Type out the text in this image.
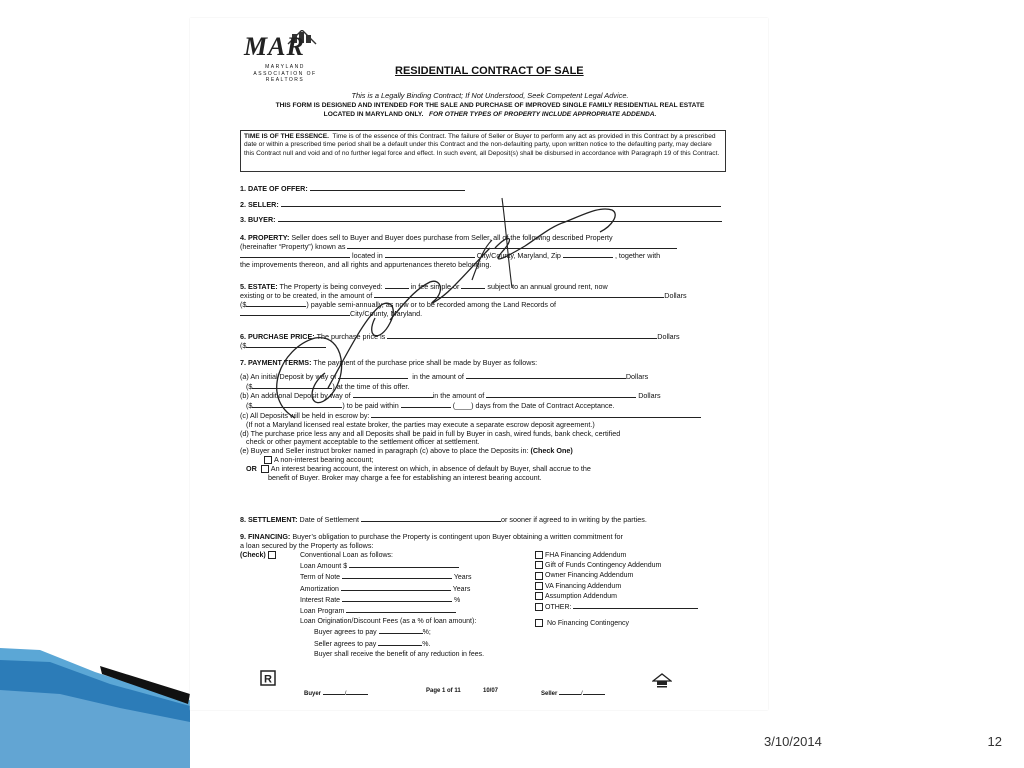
MAR
MARYLAND ASSOCIATION OF REALTORS
RESIDENTIAL CONTRACT OF SALE
This is a Legally Binding Contract; If Not Understood, Seek Competent Legal Advice.
THIS FORM IS DESIGNED AND INTENDED FOR THE SALE AND PURCHASE OF IMPROVED SINGLE FAMILY RESIDENTIAL REAL ESTATE
LOCATED IN MARYLAND ONLY. FOR OTHER TYPES OF PROPERTY INCLUDE APPROPRIATE ADDENDA.
TIME IS OF THE ESSENCE. Time is of the essence of this Contract. The failure of Seller or Buyer to perform any act as provided in this Contract by a prescribed date or within a prescribed time period shall be a default under this Contract and the non-defaulting party, upon written notice to the defaulting party, may declare this Contract null and void and of no further legal force and effect. In such event, all Deposit(s) shall be disbursed in accordance with Paragraph 19 of this Contract.
1. DATE OF OFFER:
2. SELLER:
3. BUYER:
4. PROPERTY: Seller does sell to Buyer and Buyer does purchase from Seller, all of the following described Property
(hereinafter “Property”) known as
located in	City/County, Maryland, Zip	, together with
the improvements thereon, and all rights and appurtenances thereto belonging.
5. ESTATE: The Property is being conveyed:	in fee simple or	subject to an annual ground rent, now
existing or to be created, in the amount of	Dollars
($	) payable semi-annually, as now or to be recorded among the Land Records of
City/County, Maryland.
6. PURCHASE PRICE: The purchase price is	Dollars
($
7. PAYMENT TERMS: The payment of the purchase price shall be made by Buyer as follows:

(a) An initial Deposit by way of	in the amount of	Dollars
($	) at the time of this offer.
(b) An additional Deposit by way of	in the amount of	Dollars
($	) to be paid within	(____) days from the Date of Contract Acceptance.
(c) All Deposits will be held in escrow by:
(If not a Maryland licensed real estate broker, the parties may execute a separate escrow deposit agreement.)
(d) The purchase price less any and all Deposits shall be paid in full by Buyer in cash, wired funds, bank check, certified
check or other payment acceptable to the settlement officer at settlement.
(e) Buyer and Seller instruct broker named in paragraph (c) above to place the Deposits in: (Check One)
A non-interest bearing account;
OR An interest bearing account, the interest on which, in absence of default by Buyer, shall accrue to the
benefit of Buyer. Broker may charge a fee for establishing an interest bearing account.
8. SETTLEMENT: Date of Settlement	or sooner if agreed to in writing by the parties.
9. FINANCING: Buyer’s obligation to purchase the Property is contingent upon Buyer obtaining a written commitment for
a loan secured by the Property as follows:
(Check)	Conventional Loan as follows:
Loan Amount $
Term of Note	Years
Amortization	Years
Interest Rate	%
Loan Program
Loan Origination/Discount Fees (as a % of loan amount):
Buyer agrees to pay	%;
Seller agrees to pay	%.
Buyer shall receive the benefit of any reduction in fees.
FHA Financing Addendum
Gift of Funds Contingency Addendum
Owner Financing Addendum
VA Financing Addendum
Assumption Addendum
OTHER:
No Financing Contingency
R
Buyer	/	Page 1 of 11	10/07	Seller	/
3/10/2014	12
